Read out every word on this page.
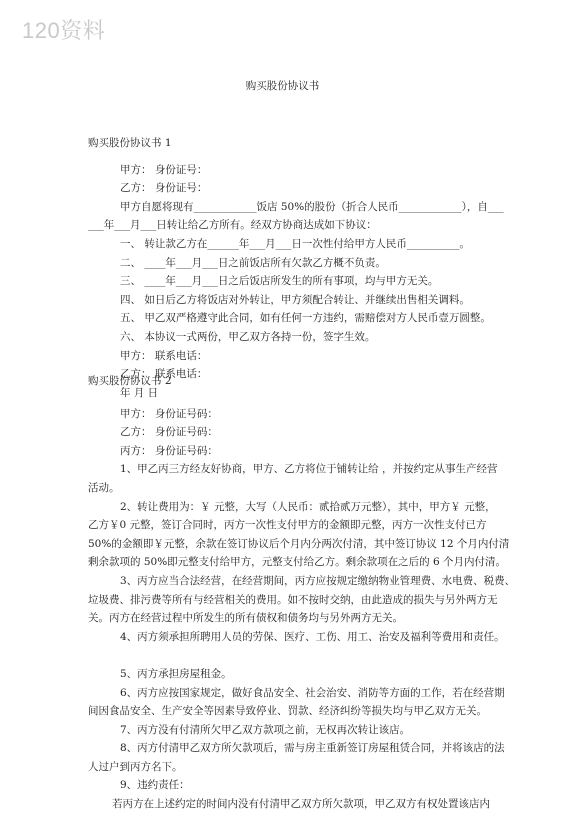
120资料
购买股份协议书

购买股份协议书 1

甲方： 身份证号：

乙方： 身份证号：

甲方自愿将现有____________饭店 50%的股份（折合人民币____________），自___

___年___月___日转让给乙方所有。经双方协商达成如下协议：

一、 转让款乙方在______年___月___日一次性付给甲方人民币__________。

二、 ____年___月___日之前饭店所有欠款乙方概不负责。

三、 ____年___月___日之后饭店所发生的所有事项，均与甲方无关。

四、 如日后乙方将饭店对外转让，甲方须配合转让、并继续出售相关调料。

五、 甲乙双严格遵守此合同，如有任何一方违约，需赔偿对方人民币壹万圆整。

六、 本协议一式两份，甲乙双方各持一份，签字生效。

甲方： 联系电话：

乙方： 联系电话：

年 月 日

购买股份协议书 2

甲方： 身份证号码：

乙方： 身份证号码：

丙方： 身份证号码：

1、甲乙丙三方经友好协商，甲方、乙方将位于铺转让给 ，并按约定从事生产经营

活动。

2、转让费用为：￥ 元整，大写（人民币：贰拾贰万元整），其中，甲方￥ 元整，

乙方￥0 元整，签订合同时，丙方一次性支付甲方的金额即元整，丙方一次性支付已方

50%的金额即￥元整，余款在签订协议后个月内分两次付清，其中签订协议 12 个月内付清

剩余款项的 50%即元整支付给甲方，元整支付给乙方。剩余款项在之后的 6 个月内付清。

3、丙方应当合法经营，在经营期间，丙方应按规定缴纳物业管理费、水电费、税费、

垃圾费、排污费等所有与经营相关的费用。如不按时交纳，由此造成的损失与另外两方无

关。丙方在经营过程中所发生的所有债权和债务均与另外两方无关。

4、丙方须承担所聘用人员的劳保、医疗、工伤、用工、治安及福利等费用和责任。

5、丙方承担房屋租金。

6、丙方应按国家规定，做好食品安全、社会治安、消防等方面的工作，若在经营期

间因食品安全、生产安全等因素导致停业、罚款、经济纠纷等损失均与甲乙双方无关。

7、丙方没有付清所欠甲乙双方款项之前，无权再次转让该店。

8、丙方付清甲乙双方所欠款项后，需与房主重新签订房屋租赁合同，并将该店的法

人过户到丙方名下。

9、违约责任：

若丙方在上述约定的时间内没有付清甲乙双方所欠款项，甲乙双方有权处置该店内
